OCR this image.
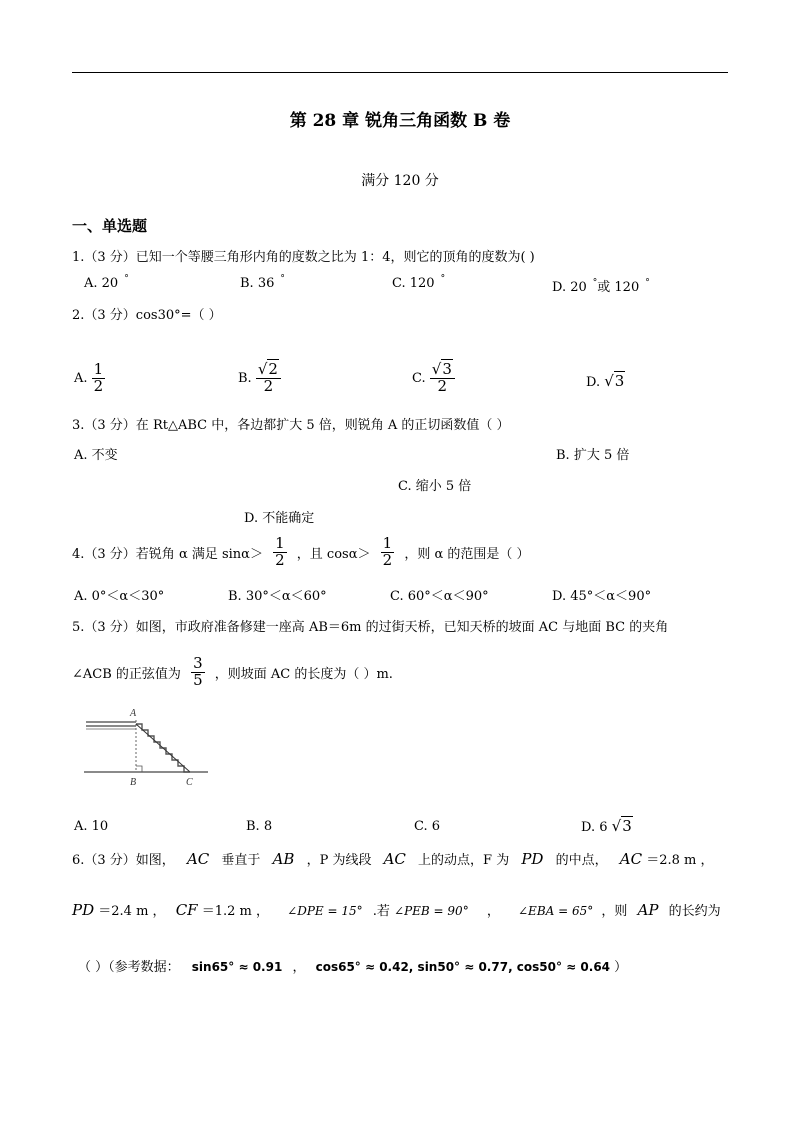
第 28 章 锐角三角函数 B 卷
满分 120 分
一、单选题
1.（3 分）已知一个等腰三角形内角的度数之比为 1：4，则它的顶角的度数为( )
A. 20 °	B. 36 °	C. 120 °
D. 20 °或 120 °
2.（3 分）cos30°=（ ）
A. $\frac{1}{2}$	B. $\frac{√2}{2}$	C. $\frac{√3}{2}$	D. √3
3.（3 分）在 Rt△ABC 中，各边都扩大 5 倍，则锐角 A 的正切函数值（ ）
A. 不变	B. 扩大 5 倍
C. 缩小 5 倍
D. 不能确定
4.（3 分）若锐角 α 满足 $\sin\alpha> \frac{1}{2}$ ，且 $\cos\alpha> \frac{1}{2}$ ，则 α 的范围是（ ）
A. 0°＜α＜30°	B. 30°＜α＜60°	C. 60°＜α＜90°	D. 45°＜α＜90°
5.（3 分）如图，市政府准备修建一座高 AB＝6m 的过街天桥，已知天桥的坡面 AC 与地面 BC 的夹角
∠ACB 的正弦值为 $\frac{3}{5}$ ，则坡面 AC 的长度为（ ）m.
A
B	C
A. 10	B. 8	C. 6	D. 6 √3
6.（3 分）如图， AC 垂直于 AB ，P 为线段 AC 上的动点，F 为 PD 的中点， AC ＝2.8 m ，
PD ＝2.4 m ， CF ＝1.2 m ， ∠DPE = 15° .若 ∠PEB = 90° ， ∠EBA = 65° ，则 AP 的长约为
（ ）（参考数据： sin65° ≈ 0.91 ， cos65° ≈ 0.42, sin50° ≈ 0.77, cos50° ≈ 0.64 ）
